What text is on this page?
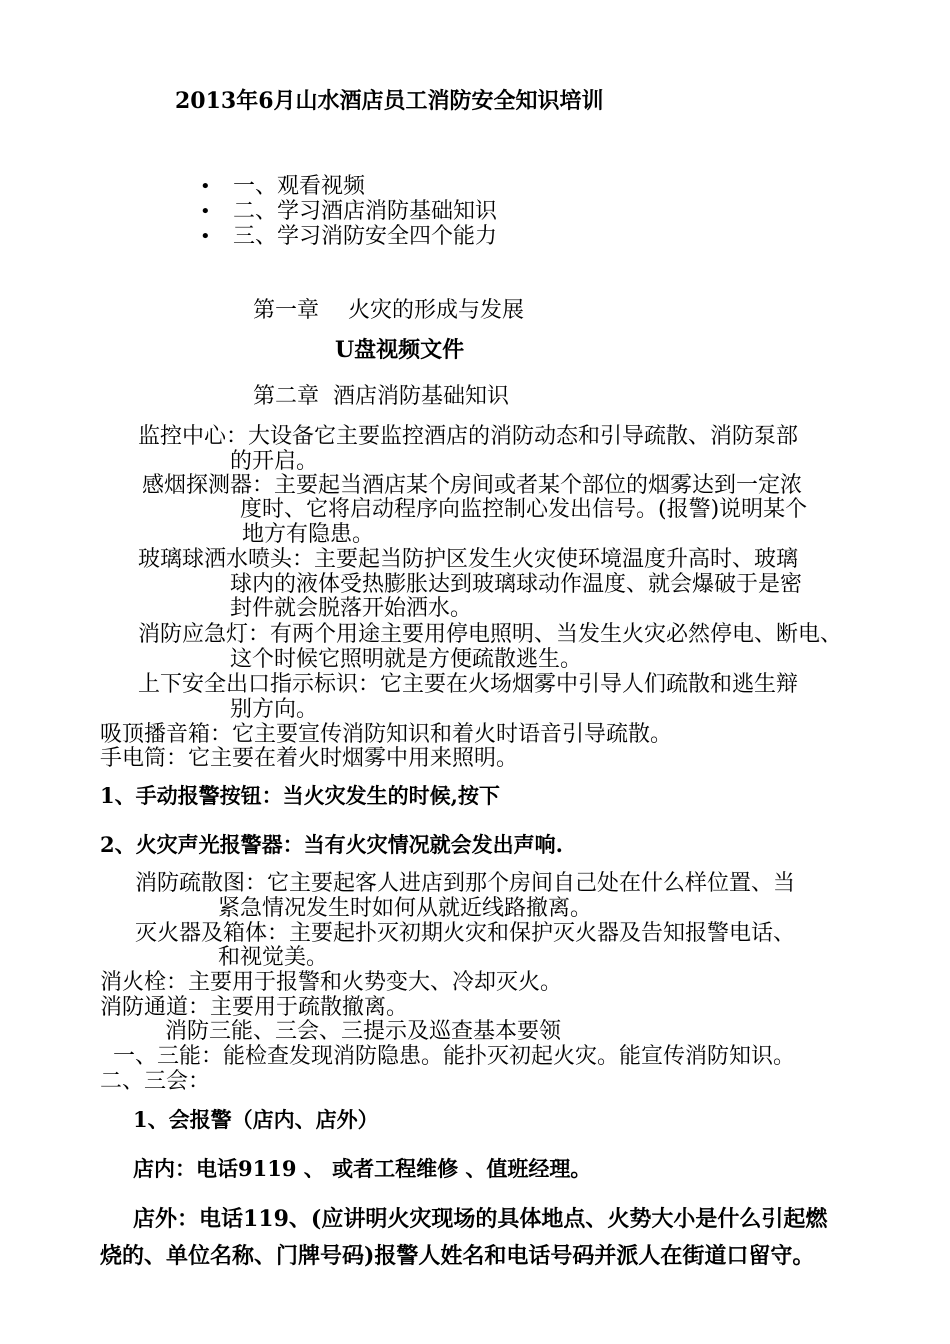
2013年6月山水酒店员工消防安全知识培训
• 一、观看视频
• 二、学习酒店消防基础知识
• 三、学习消防安全四个能力
第一章　 火灾的形成与发展
U盘视频文件
第二章  酒店消防基础知识
监控中心：大设备它主要监控酒店的消防动态和引导疏散、消防泵部
的开启。
感烟探测器：主要起当酒店某个房间或者某个部位的烟雾达到一定浓
度时、它将启动程序向监控制心发出信号。(报警)说明某个
地方有隐患。
玻璃球洒水喷头：主要起当防护区发生火灾使环境温度升高时、玻璃
球内的液体受热膨胀达到玻璃球动作温度、就会爆破于是密
封件就会脱落开始洒水。
消防应急灯：有两个用途主要用停电照明、当发生火灾必然停电、断电、
这个时候它照明就是方便疏散逃生。
上下安全出口指示标识：它主要在火场烟雾中引导人们疏散和逃生辩
别方向。
吸顶播音箱：它主要宣传消防知识和着火时语音引导疏散。
手电筒：它主要在着火时烟雾中用来照明。
1、手动报警按钮：当火灾发生的时候,按下
2、火灾声光报警器：当有火灾情况就会发出声响.
消防疏散图：它主要起客人进店到那个房间自己处在什么样位置、当
紧急情况发生时如何从就近线路撤离。
灭火器及箱体：主要起扑灭初期火灾和保护灭火器及告知报警电话、
和视觉美。
消火栓：主要用于报警和火势变大、冷却灭火。
消防通道：主要用于疏散撤离。
消防三能、三会、三提示及巡查基本要领
一、三能：能检查发现消防隐患。能扑灭初起火灾。能宣传消防知识。
二、三会：
1、会报警（店内、店外）
店内：电话9119 、 或者工程维修 、值班经理。
店外：电话119、(应讲明火灾现场的具体地点、火势大小是什么引起燃
烧的、单位名称、门牌号码)报警人姓名和电话号码并派人在街道口留守。
